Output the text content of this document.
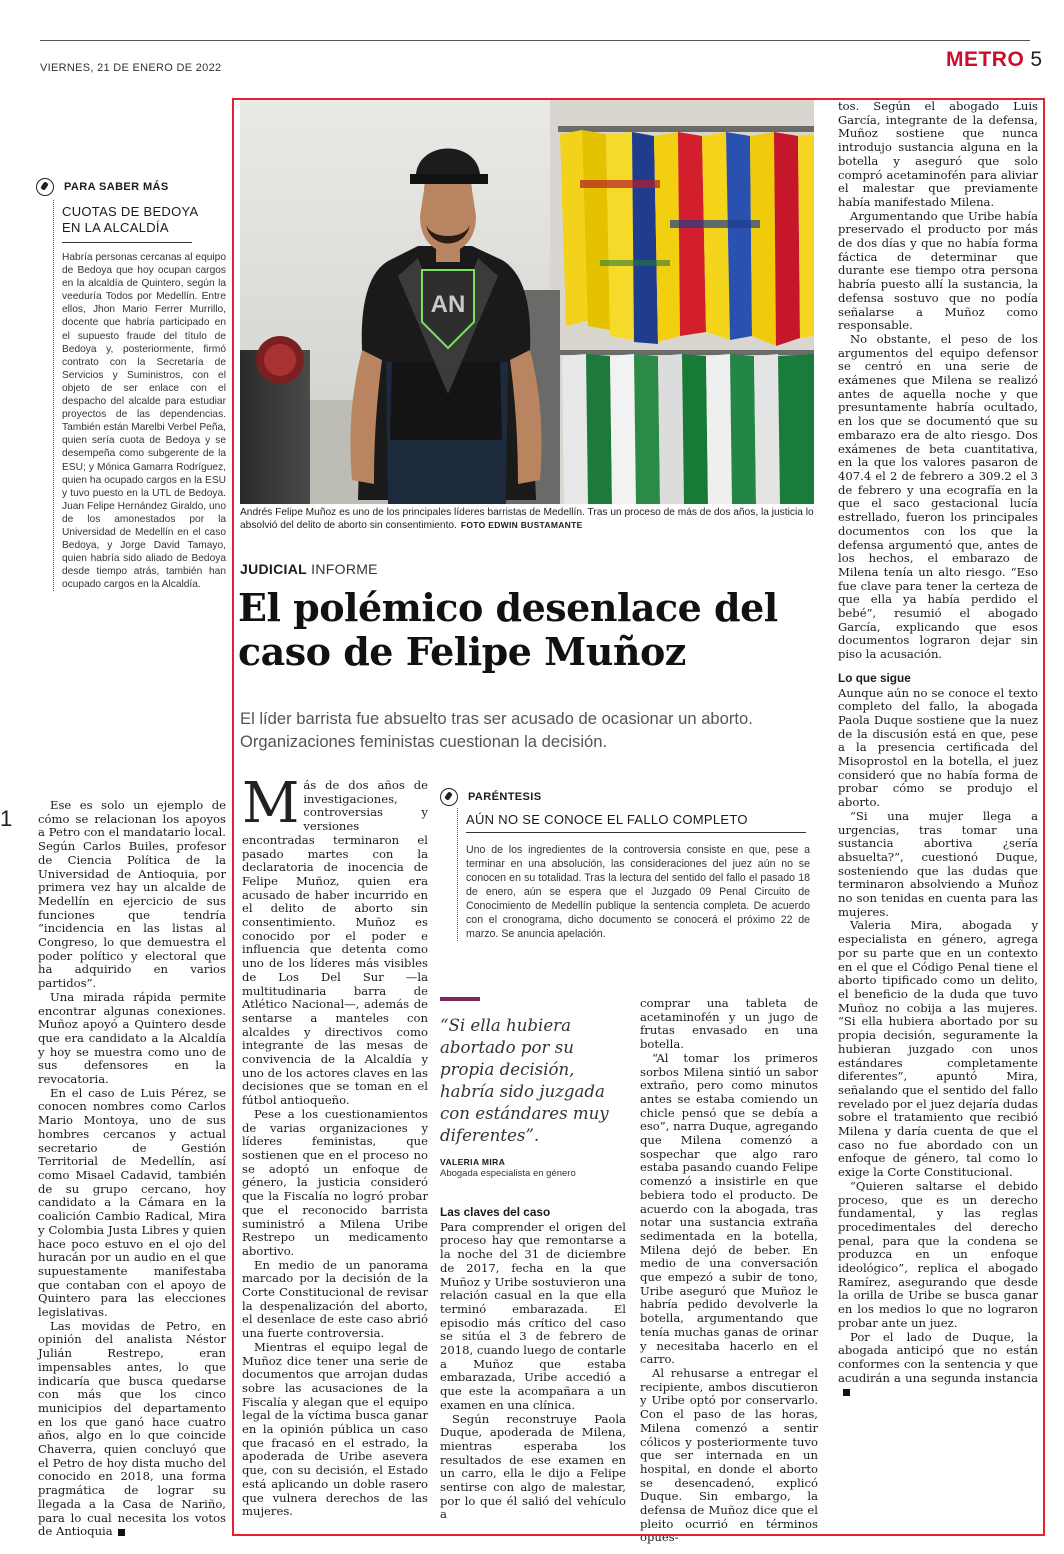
VIERNES, 21 DE ENERO DE 2022	METRO 5
1
PARA SABER MÁS
CUOTAS DE BEDOYA
EN LA ALCALDÍA

Habría personas cercanas al equipo de Bedoya que hoy ocupan cargos en la alcaldía de Quintero, según la veeduría Todos por Medellín. Entre ellos, Jhon Mario Ferrer Murrillo, docente que habría participado en el supuesto fraude del título de Bedoya y, posteriormente, firmó contrato con la Secretaría de Servicios y Suministros, con el objeto de ser enlace con el despacho del alcalde para estudiar proyectos de las dependencias. También están Marelbi Verbel Peña, quien sería cuota de Bedoya y se desempeña como subgerente de la ESU; y Mónica Gamarra Rodríguez, quien ha ocupado cargos en la ESU y tuvo puesto en la UTL de Bedoya. Juan Felipe Hernández Giraldo, uno de los amonestados por la Universidad de Medellín en el caso Bedoya, y Jorge David Tamayo, quien habría sido aliado de Bedoya desde tiempo atrás, también han ocupado cargos en la Alcaldía.

Ese es solo un ejemplo de cómo se relacionan los apoyos a Petro con el mandatario local. Según Carlos Builes, profesor de Ciencia Política de la Universidad de Antioquia, por primera vez hay un alcalde de Medellín en ejercicio de sus funciones que tendría “incidencia en las listas al Congreso, lo que demuestra el poder político y electoral que ha adquirido en varios partidos”.

Una mirada rápida permite encontrar algunas conexiones. Muñoz apoyó a Quintero desde que era candidato a la Alcaldía y hoy se muestra como uno de sus defensores en la revocatoria.

En el caso de Luis Pérez, se conocen nombres como Carlos Mario Montoya, uno de sus hombres cercanos y actual secretario de Gestión Territorial de Medellín, así como Misael Cadavid, también de su grupo cercano, hoy candidato a la Cámara en la coalición Cambio Radical, Mira y Colombia Justa Libres y quien hace poco estuvo en el ojo del huracán por un audio en el que supuestamente manifestaba que contaban con el apoyo de Quintero para las elecciones legislativas.

Las movidas de Petro, en opinión del analista Néstor Julián Restrepo, eran impensables antes, lo que indicaría que busca quedarse con más que los cinco municipios del departamento en los que ganó hace cuatro años, algo en lo que coincide Chaverra, quien concluyó que el Petro de hoy dista mucho del conocido en 2018, una forma pragmática de lograr su llegada a la Casa de Nariño, para lo cual necesita los votos de Antioquia

AN
Andrés Felipe Muñoz es uno de los principales líderes barristas de Medellín. Tras un proceso de más de dos años, la justicia lo absolvió del delito de aborto sin consentimiento. FOTO EDWIN BUSTAMANTE
JUDICIAL INFORME
El polémico desenlace del caso de Felipe Muñoz
El líder barrista fue absuelto tras ser acusado de ocasionar un aborto. Organizaciones feministas cuestionan la decisión.

Más de dos años de investigaciones, controversias y versiones encontradas terminaron el pasado martes con la declaratoria de inocencia de Felipe Muñoz, quien era acusado de haber incurrido en el delito de aborto sin consentimiento. Muñoz es conocido por el poder e influencia que detenta como uno de los líderes más visibles de Los Del Sur —la multitudinaria barra de Atlético Nacional—, además de sentarse a manteles con alcaldes y directivos como integrante de las mesas de convivencia de la Alcaldía y uno de los actores claves en las decisiones que se toman en el fútbol antioqueño.

Pese a los cuestionamientos de varias organizaciones y líderes feministas, que sostienen que en el proceso no se adoptó un enfoque de género, la justicia consideró que la Fiscalía no logró probar que el reconocido barrista suministró a Milena Uribe Restrepo un medicamento abortivo.

En medio de un panorama marcado por la decisión de la Corte Constitucional de revisar la despenalización del aborto, el desenlace de este caso abrió una fuerte controversia.

Mientras el equipo legal de Muñoz dice tener una serie de documentos que arrojan dudas sobre las acusaciones de la Fiscalía y alegan que el equipo legal de la víctima busca ganar en la opinión pública un caso que fracasó en el estrado, la apoderada de Uribe asevera que, con su decisión, el Estado está aplicando un doble rasero que vulnera derechos de las mujeres.

PARÉNTESIS
AÚN NO SE CONOCE EL FALLO COMPLETO

Uno de los ingredientes de la controversia consiste en que, pese a terminar en una absolución, las consideraciones del juez aún no se conocen en su totalidad. Tras la lectura del sentido del fallo el pasado 18 de enero, aún se espera que el Juzgado 09 Penal Circuito de Conocimiento de Medellín publique la sentencia completa. De acuerdo con el cronograma, dicho documento se conocerá el próximo 22 de marzo. Se anuncia apelación.

“Si ella hubiera abortado por su propia decisión, habría sido juzgada con estándares muy diferentes”.
VALERIA MIRA
Abogada especialista en género
Las claves del caso

Para comprender el origen del proceso hay que remontarse a la noche del 31 de diciembre de 2017, fecha en la que Muñoz y Uribe sostuvieron una relación casual en la que ella terminó embarazada. El episodio más crítico del caso se sitúa el 3 de febrero de 2018, cuando luego de contarle a Muñoz que estaba embarazada, Uribe accedió a que este la acompañara a un examen en una clínica.

Según reconstruye Paola Duque, apoderada de Milena, mientras esperaba los resultados de ese examen en un carro, ella le dijo a Felipe sentirse con algo de malestar, por lo que él salió del vehículo a

comprar una tableta de acetaminofén y un jugo de frutas envasado en una botella.

“Al tomar los primeros sorbos Milena sintió un sabor extraño, pero como minutos antes se estaba comiendo un chicle pensó que se debía a eso”, narra Duque, agregando que Milena comenzó a sospechar que algo raro estaba pasando cuando Felipe comenzó a insistirle en que bebiera todo el producto. De acuerdo con la abogada, tras notar una sustancia extraña sedimentada en la botella, Milena dejó de beber. En medio de una conversación que empezó a subir de tono, Uribe aseguró que Muñoz le habría pedido devolverle la botella, argumentando que tenía muchas ganas de orinar y necesitaba hacerlo en el carro.

Al rehusarse a entregar el recipiente, ambos discutieron y Uribe optó por conservarlo. Con el paso de las horas, Milena comenzó a sentir cólicos y posteriormente tuvo que ser internada en un hospital, en donde el aborto se desencadenó, explicó Duque. Sin embargo, la defensa de Muñoz dice que el pleito ocurrió en términos opues-

tos. Según el abogado Luis García, integrante de la defensa, Muñoz sostiene que nunca introdujo sustancia alguna en la botella y aseguró que solo compró acetaminofén para aliviar el malestar que previamente había manifestado Milena.

Argumentando que Uribe había preservado el producto por más de dos días y que no había forma fáctica de determinar que durante ese tiempo otra persona habría puesto allí la sustancia, la defensa sostuvo que no podía señalarse a Muñoz como responsable.

No obstante, el peso de los argumentos del equipo defensor se centró en una serie de exámenes que Milena se realizó antes de aquella noche y que presuntamente habría ocultado, en los que se documentó que su embarazo era de alto riesgo. Dos exámenes de beta cuantitativa, en la que los valores pasaron de 407.4 el 2 de febrero a 309.2 el 3 de febrero y una ecografía en la que el saco gestacional lucía estrellado, fueron los principales documentos con los que la defensa argumentó que, antes de los hechos, el embarazo de Milena tenía un alto riesgo. “Eso fue clave para tener la certeza de que ella ya había perdido el bebé”, resumió el abogado García, explicando que esos documentos lograron dejar sin piso la acusación.

Lo que sigue

Aunque aún no se conoce el texto completo del fallo, la abogada Paola Duque sostiene que la nuez de la discusión está en que, pese a la presencia certificada del Misoprostol en la botella, el juez consideró que no había forma de probar cómo se produjo el aborto.

“Si una mujer llega a urgencias, tras tomar una sustancia abortiva ¿sería absuelta?”, cuestionó Duque, sosteniendo que las dudas que terminaron absolviendo a Muñoz no son tenidas en cuenta para las mujeres.

Valeria Mira, abogada y especialista en género, agrega por su parte que en un contexto en el que el Código Penal tiene el aborto tipificado como un delito, el beneficio de la duda que tuvo Muñoz no cobija a las mujeres. “Si ella hubiera abortado por su propia decisión, seguramente la hubieran juzgado con unos estándares completamente diferentes”, apuntó Mira, señalando que el sentido del fallo revelado por el juez dejaría dudas sobre el tratamiento que recibió Milena y daría cuenta de que el caso no fue abordado con un enfoque de género, tal como lo exige la Corte Constitucional.

“Quieren saltarse el debido proceso, que es un derecho fundamental, y las reglas procedimentales del derecho penal, para que la condena se produzca en un enfoque ideológico”, replica el abogado Ramírez, asegurando que desde la orilla de Uribe se busca ganar en los medios lo que no lograron probar ante un juez.

Por el lado de Duque, la abogada anticipó que no están conformes con la sentencia y que acudirán a una segunda instancia
